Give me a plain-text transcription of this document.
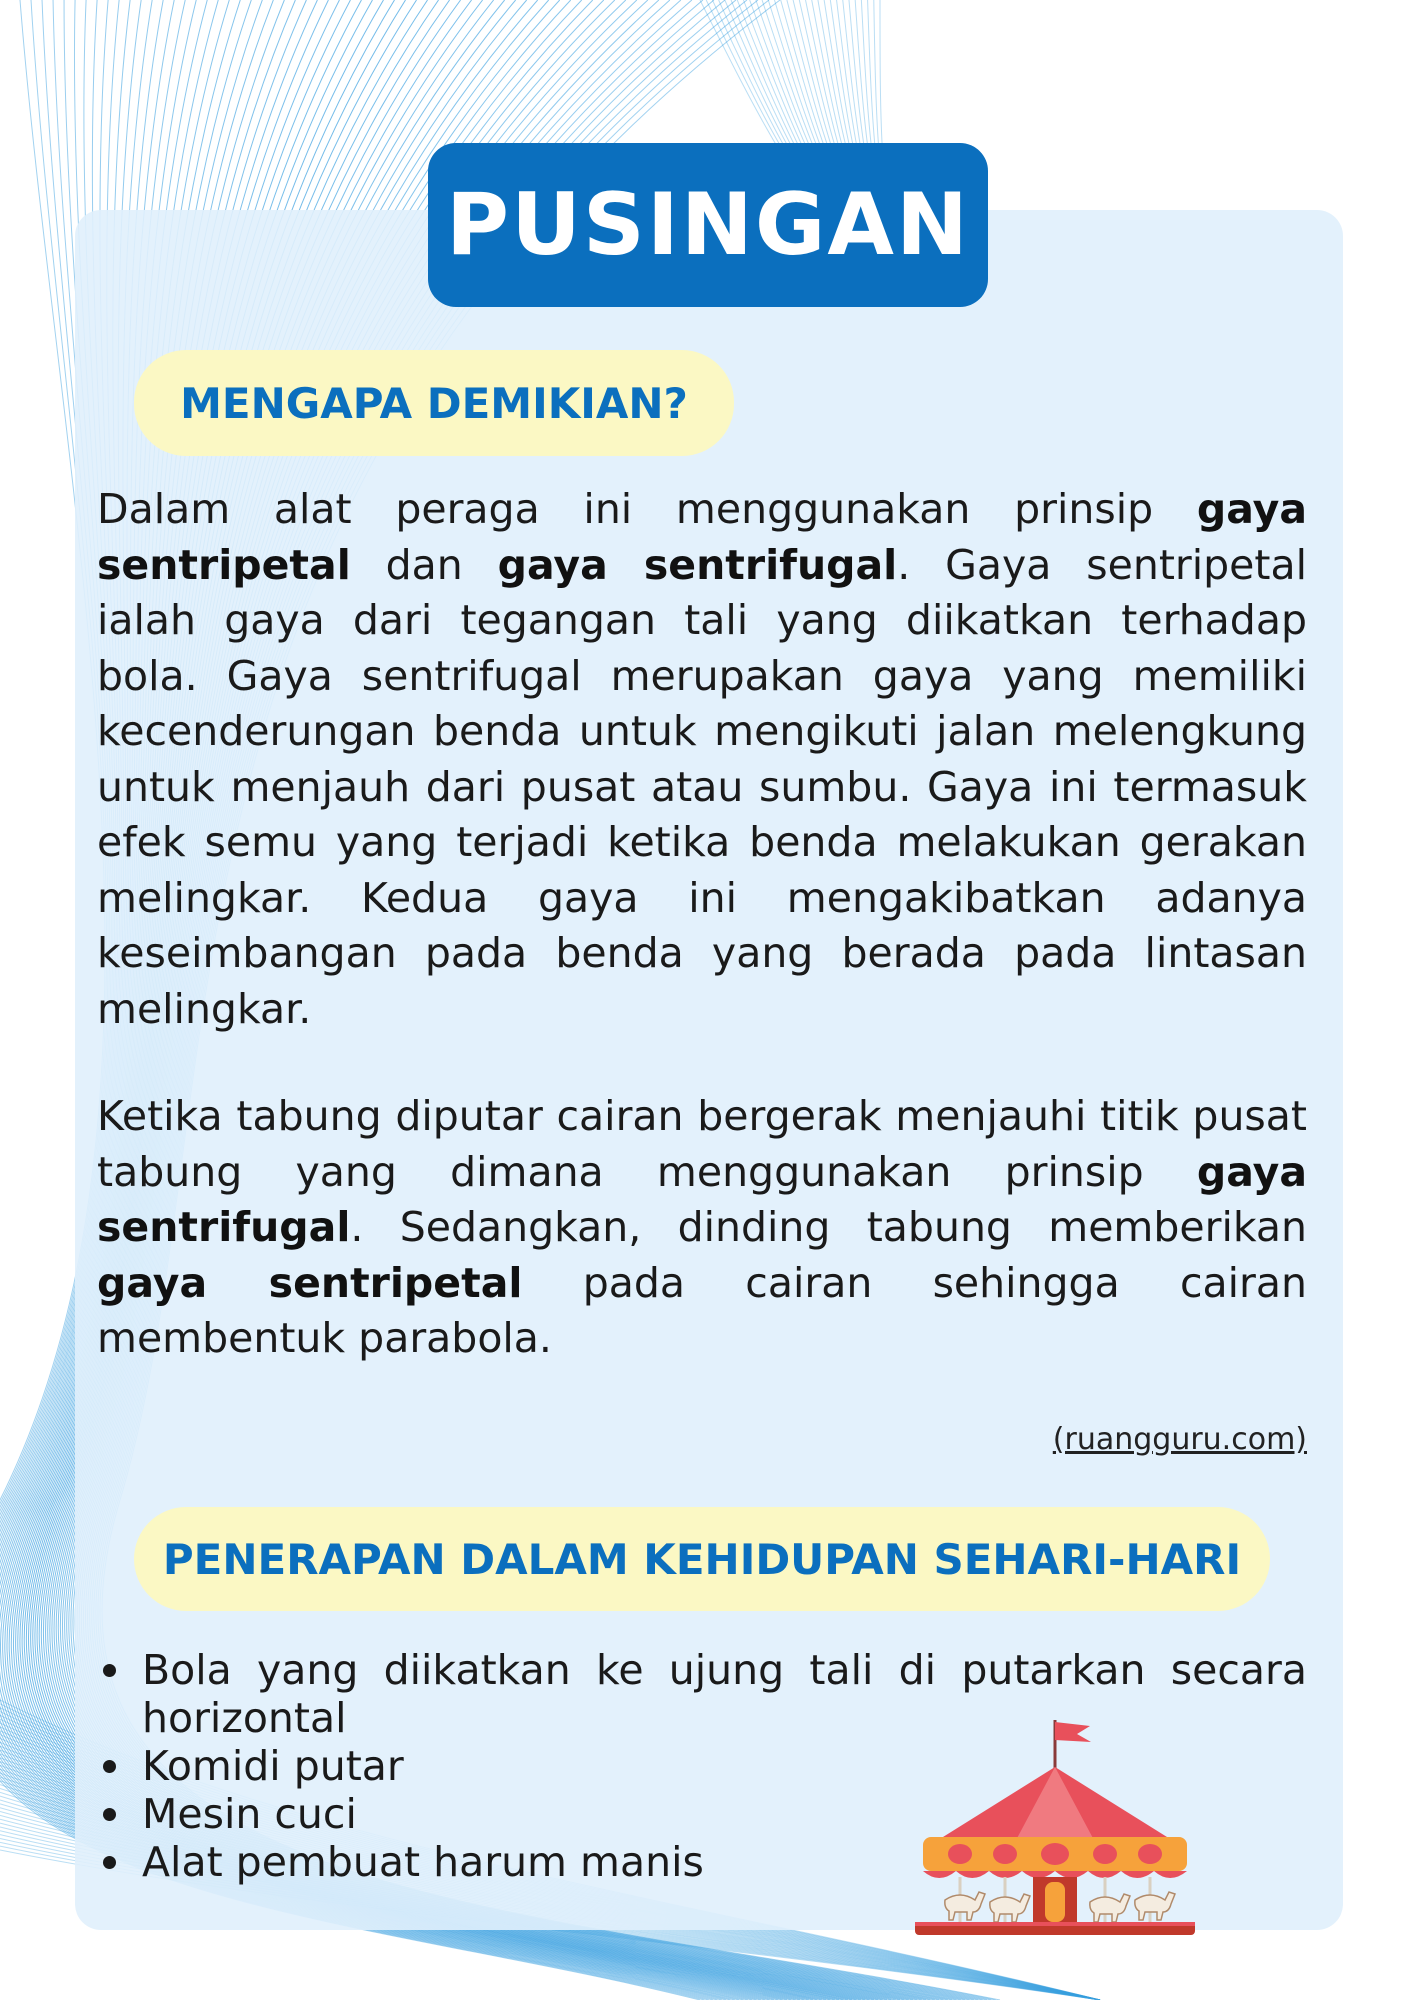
PUSINGAN
MENGAPA DEMIKIAN?

Dalam alat peraga ini menggunakan prinsip gaya sentripetal dan gaya sentrifugal. Gaya sentripetal ialah gaya dari tegangan tali yang diikatkan terhadap bola. Gaya sentrifugal merupakan gaya yang memiliki kecenderungan benda untuk mengikuti jalan melengkung untuk menjauh dari pusat atau sumbu. Gaya ini termasuk efek semu yang terjadi ketika benda melakukan gerakan melingkar. Kedua gaya ini mengakibatkan adanya keseimbangan pada benda yang berada pada lintasan melingkar.

Ketika tabung diputar cairan bergerak menjauhi titik pusat tabung yang dimana menggunakan prinsip gaya sentrifugal. Sedangkan, dinding tabung memberikan gaya sentripetal pada cairan sehingga cairan membentuk parabola.

(ruangguru.com)
PENERAPAN DALAM KEHIDUPAN SEHARI-HARI
Bola yang diikatkan ke ujung tali di putarkan secara horizontal
Komidi putar
Mesin cuci
Alat pembuat harum manis
